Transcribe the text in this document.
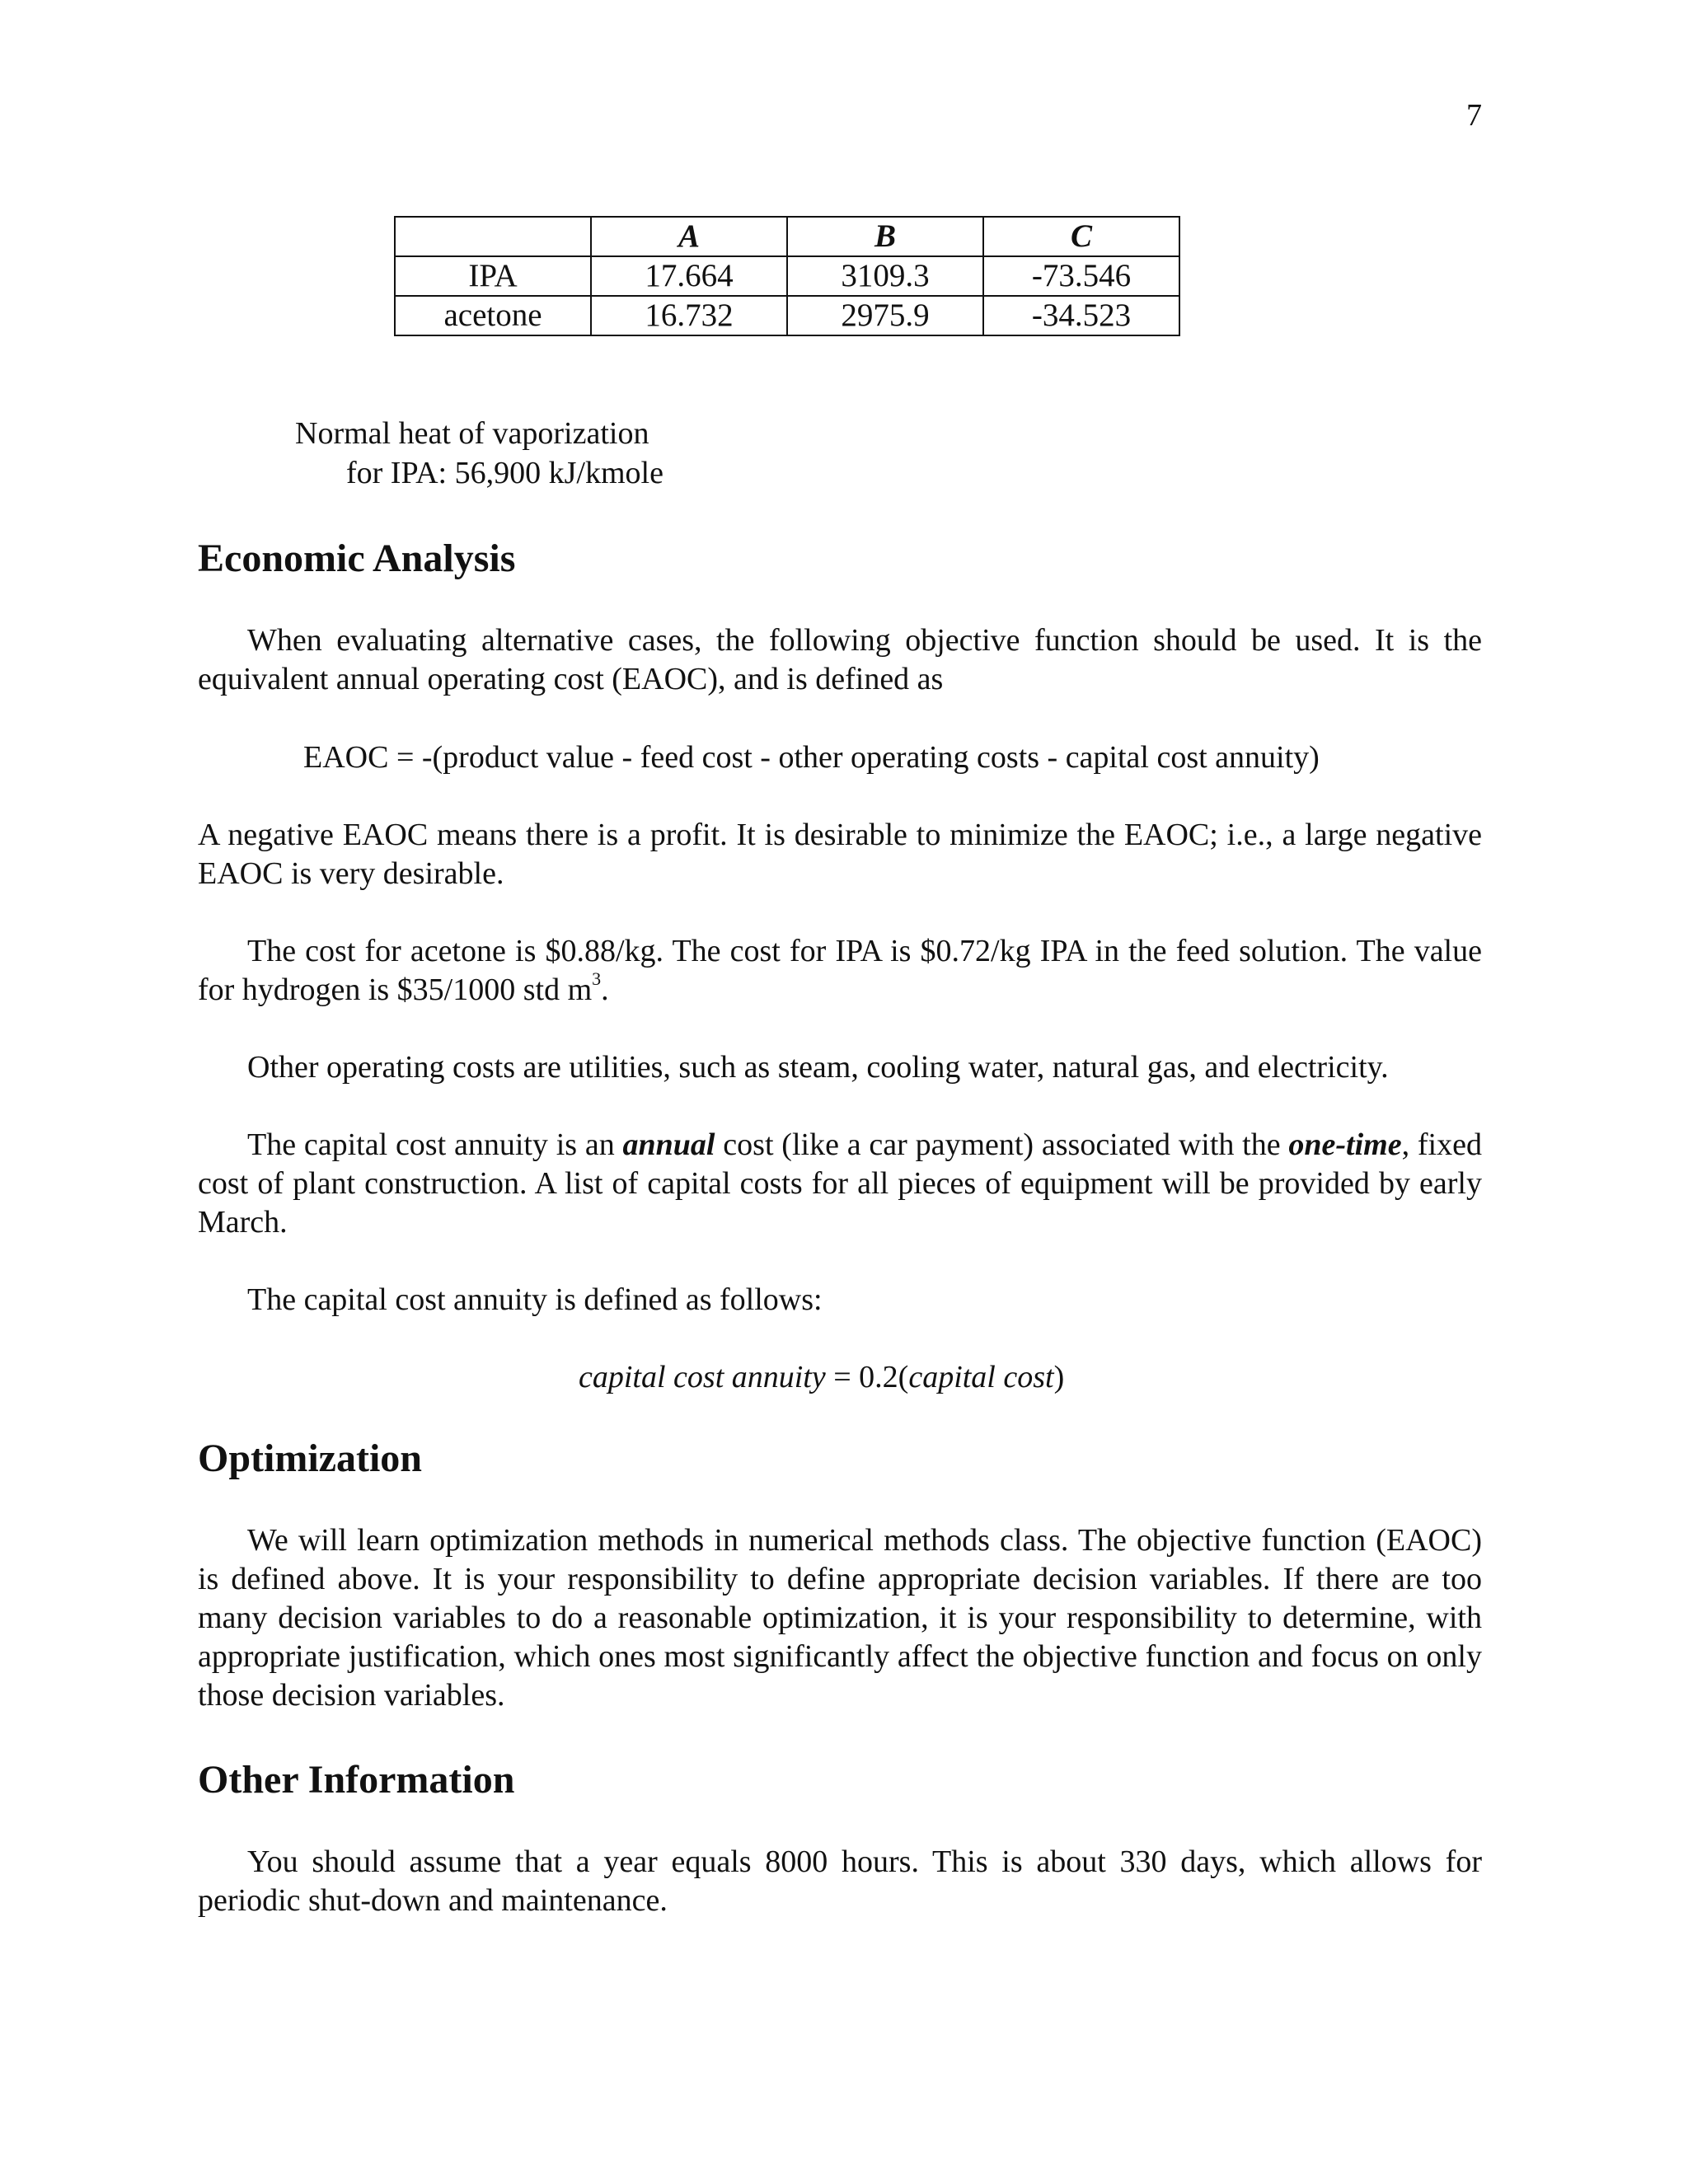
7
	A	B	C
IPA	17.664	3109.3	-73.546
acetone	16.732	2975.9	-34.523
Normal heat of vaporization
for IPA: 56,900 kJ/kmole
Economic Analysis

When evaluating alternative cases, the following objective function should be used. It is the equivalent annual operating cost (EAOC), and is defined as

EAOC = -(product value - feed cost - other operating costs - capital cost annuity)

A negative EAOC means there is a profit. It is desirable to minimize the EAOC; i.e., a large negative EAOC is very desirable.

The cost for acetone is $0.88/kg. The cost for IPA is $0.72/kg IPA in the feed solution. The value for hydrogen is $35/1000 std $m^3$.

Other operating costs are utilities, such as steam, cooling water, natural gas, and electricity.

The capital cost annuity is an annual cost (like a car payment) associated with the one-time, fixed cost of plant construction. A list of capital costs for all pieces of equipment will be provided by early March.

The capital cost annuity is defined as follows:

capital cost annuity = 0.2(capital cost)

Optimization

We will learn optimization methods in numerical methods class. The objective function (EAOC) is defined above. It is your responsibility to define appropriate decision variables. If there are too many decision variables to do a reasonable optimization, it is your responsibility to determine, with appropriate justification, which ones most significantly affect the objective function and focus on only those decision variables.

Other Information

You should assume that a year equals 8000 hours. This is about 330 days, which allows for periodic shut-down and maintenance.
